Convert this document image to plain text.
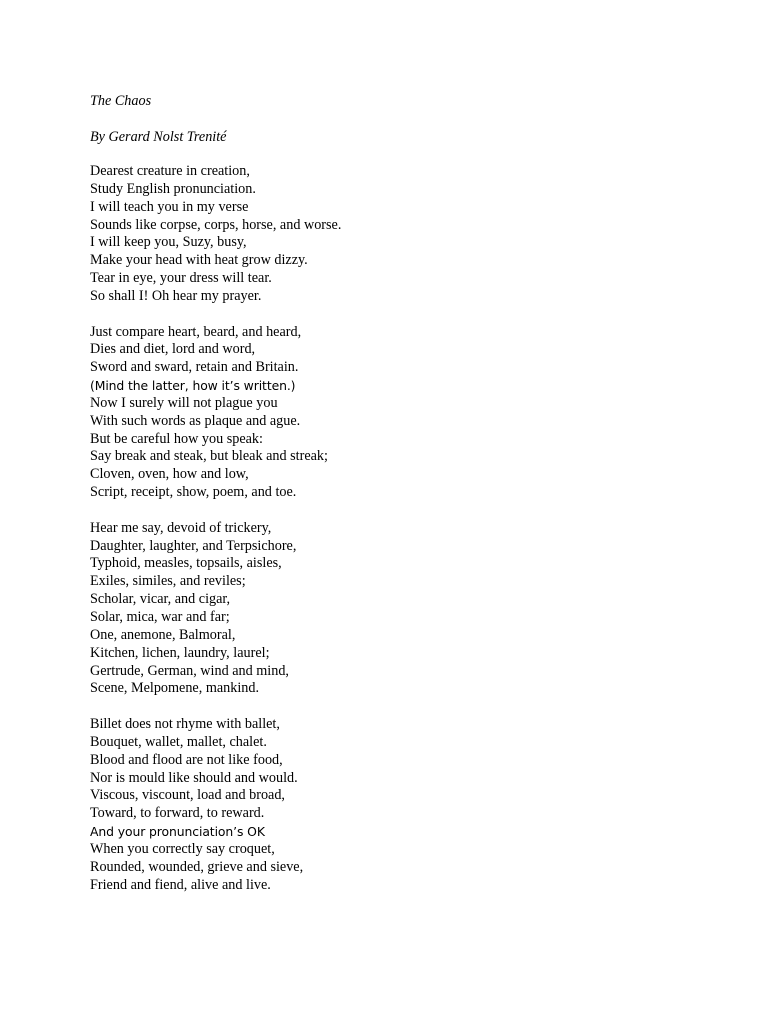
The Chaos

By Gerard Nolst Trenité

Dearest creature in creation,
Study English pronunciation.
I will teach you in my verse
Sounds like corpse, corps, horse, and worse.
I will keep you, Suzy, busy,
Make your head with heat grow dizzy.
Tear in eye, your dress will tear.
So shall I! Oh hear my prayer.
Just compare heart, beard, and heard,
Dies and diet, lord and word,
Sword and sward, retain and Britain.
(Mind the latter, how it’s written.)
Now I surely will not plague you
With such words as plaque and ague.
But be careful how you speak:
Say break and steak, but bleak and streak;
Cloven, oven, how and low,
Script, receipt, show, poem, and toe.
Hear me say, devoid of trickery,
Daughter, laughter, and Terpsichore,
Typhoid, measles, topsails, aisles,
Exiles, similes, and reviles;
Scholar, vicar, and cigar,
Solar, mica, war and far;
One, anemone, Balmoral,
Kitchen, lichen, laundry, laurel;
Gertrude, German, wind and mind,
Scene, Melpomene, mankind.
Billet does not rhyme with ballet,
Bouquet, wallet, mallet, chalet.
Blood and flood are not like food,
Nor is mould like should and would.
Viscous, viscount, load and broad,
Toward, to forward, to reward.
And your pronunciation’s OK
When you correctly say croquet,
Rounded, wounded, grieve and sieve,
Friend and fiend, alive and live.
